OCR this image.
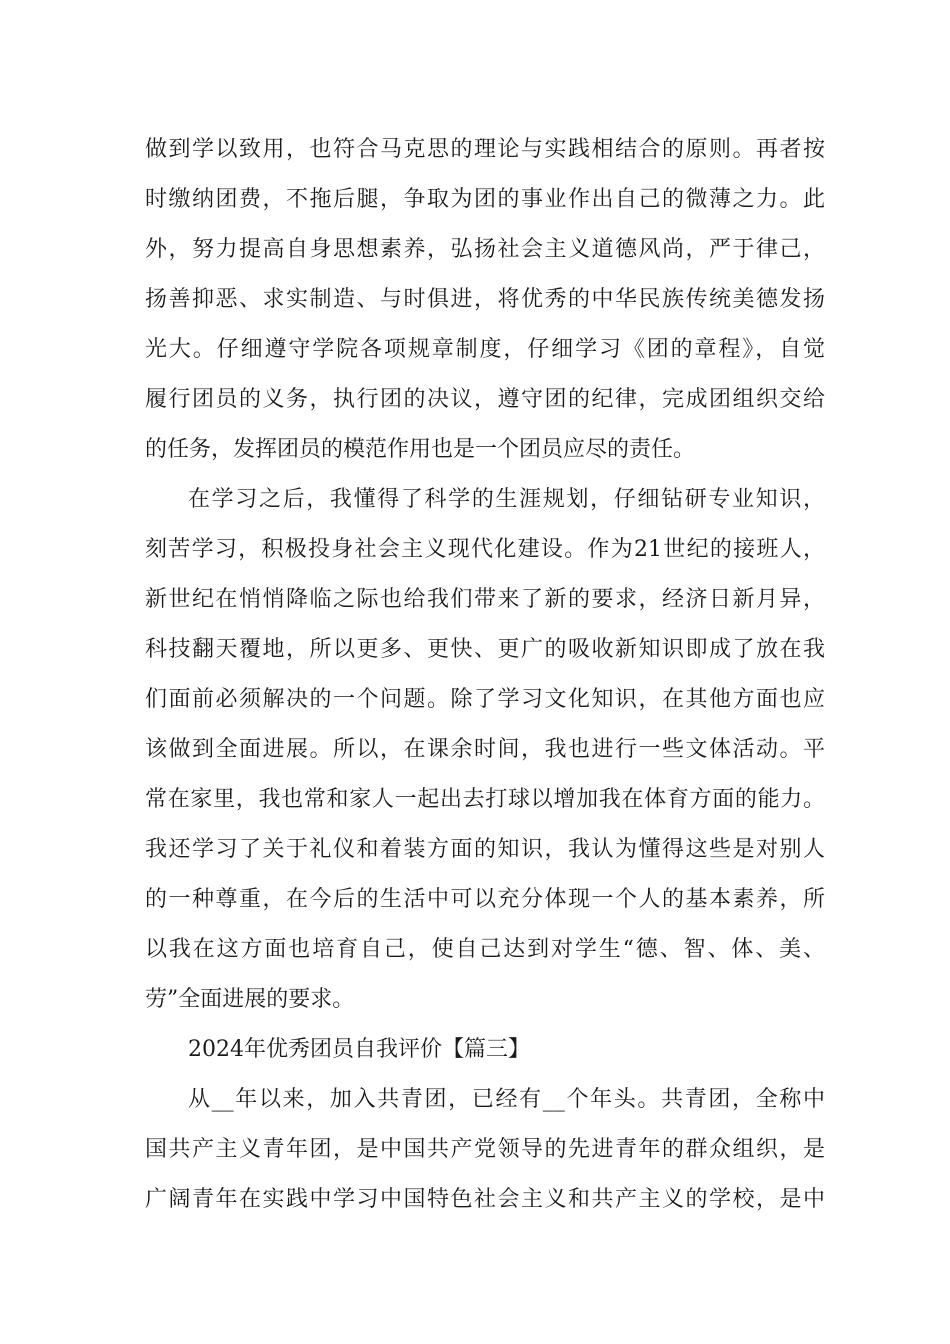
做到学以致用，也符合马克思的理论与实践相结合的原则。再者按
时缴纳团费，不拖后腿，争取为团的事业作出自己的微薄之力。此
外，努力提高自身思想素养，弘扬社会主义道德风尚，严于律己，
扬善抑恶、求实制造、与时俱进，将优秀的中华民族传统美德发扬
光大。仔细遵守学院各项规章制度，仔细学习《团的章程》，自觉
履行团员的义务，执行团的决议，遵守团的纪律，完成团组织交给
的任务，发挥团员的模范作用也是一个团员应尽的责任。
在学习之后，我懂得了科学的生涯规划，仔细钻研专业知识，
刻苦学习，积极投身社会主义现代化建设。作为21世纪的接班人，
新世纪在悄悄降临之际也给我们带来了新的要求，经济日新月异，
科技翻天覆地，所以更多、更快、更广的吸收新知识即成了放在我
们面前必须解决的一个问题。除了学习文化知识，在其他方面也应
该做到全面进展。所以，在课余时间，我也进行一些文体活动。平
常在家里，我也常和家人一起出去打球以增加我在体育方面的能力。
我还学习了关于礼仪和着装方面的知识，我认为懂得这些是对别人
的一种尊重，在今后的生活中可以充分体现一个人的基本素养，所
以我在这方面也培育自己，使自己达到对学生“德、智、体、美、
劳”全面进展的要求。
2024年优秀团员自我评价【篇三】
从__年以来，加入共青团，已经有__个年头。共青团，全称中
国共产主义青年团，是中国共产党领导的先进青年的群众组织，是
广阔青年在实践中学习中国特色社会主义和共产主义的学校，是中
